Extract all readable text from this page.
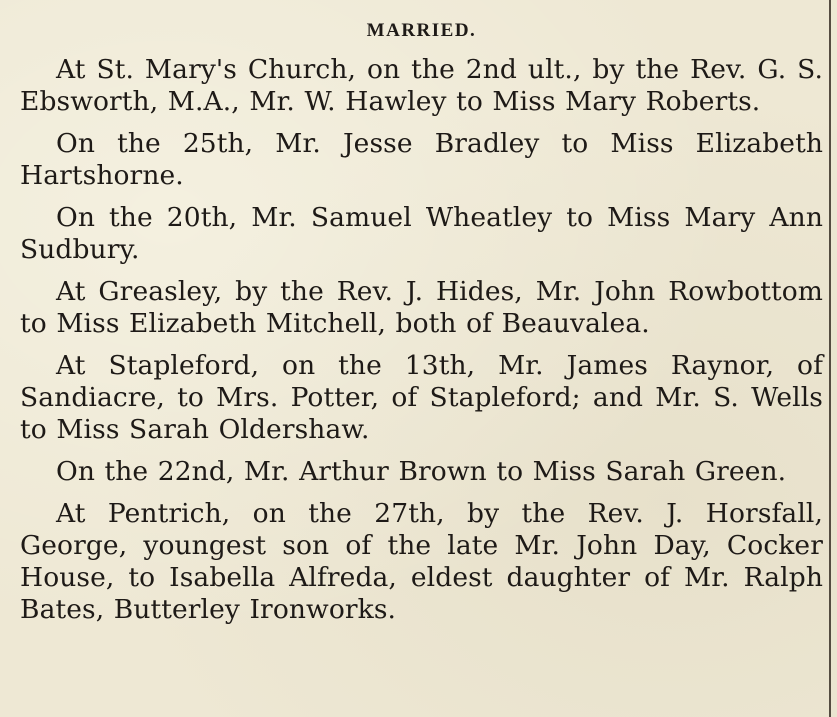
MARRIED.

At St. Mary's Church, on the 2nd ult., by the Rev. G. S. Ebsworth, M.A., Mr. W. Hawley to Miss Mary Roberts.

On the 25th, Mr. Jesse Bradley to Miss Elizabeth Hartshorne.

On the 20th, Mr. Samuel Wheatley to Miss Mary Ann Sudbury.

At Greasley, by the Rev. J. Hides, Mr. John Rowbottom to Miss Elizabeth Mitchell, both of Beauvalea.

At Stapleford, on the 13th, Mr. James Raynor, of Sandiacre, to Mrs. Potter, of Stapleford; and Mr. S. Wells to Miss Sarah Oldershaw.

On the 22nd, Mr. Arthur Brown to Miss Sarah Green.

At Pentrich, on the 27th, by the Rev. J. Horsfall, George, youngest son of the late Mr. John Day, Cocker House, to Isabella Alfreda, eldest daughter of Mr. Ralph Bates, Butterley Ironworks.
